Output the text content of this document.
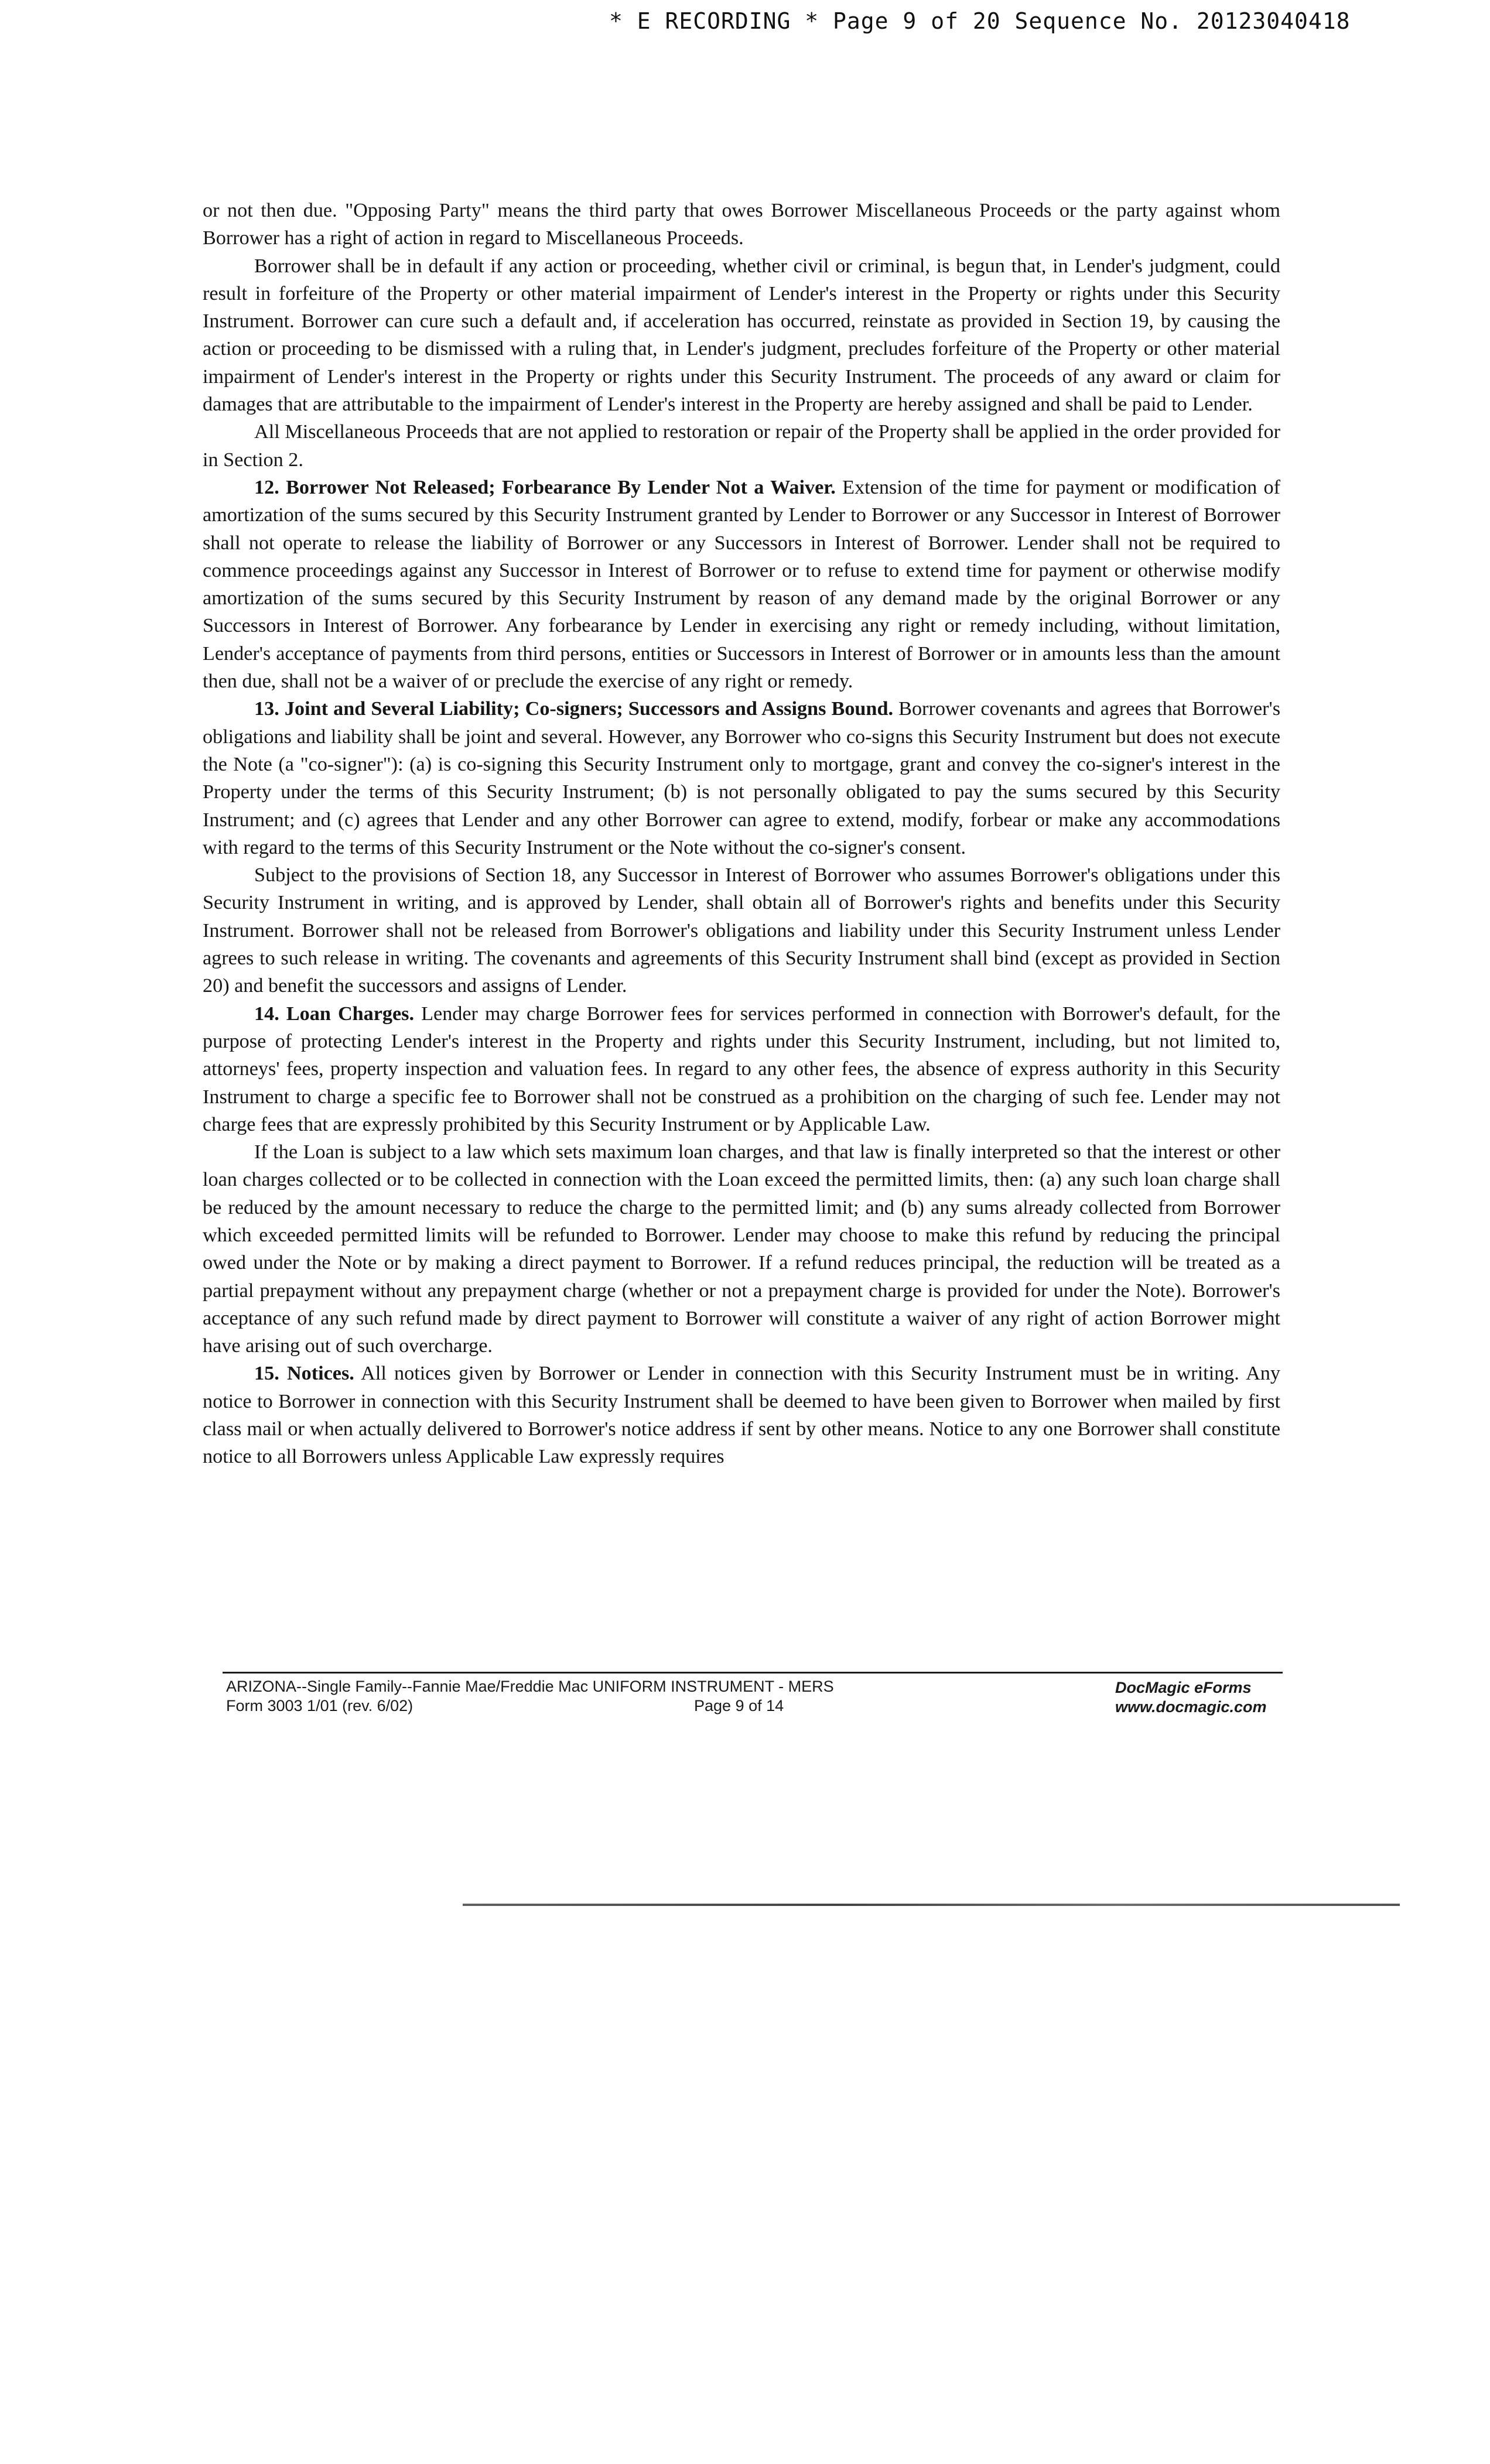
* E RECORDING * Page 9 of 20 Sequence No. 20123040418

or not then due. "Opposing Party" means the third party that owes Borrower Miscellaneous Proceeds or the party against whom Borrower has a right of action in regard to Miscellaneous Proceeds.

Borrower shall be in default if any action or proceeding, whether civil or criminal, is begun that, in Lender's judgment, could result in forfeiture of the Property or other material impairment of Lender's interest in the Property or rights under this Security Instrument. Borrower can cure such a default and, if acceleration has occurred, reinstate as provided in Section 19, by causing the action or proceeding to be dismissed with a ruling that, in Lender's judgment, precludes forfeiture of the Property or other material impairment of Lender's interest in the Property or rights under this Security Instrument. The proceeds of any award or claim for damages that are attributable to the impairment of Lender's interest in the Property are hereby assigned and shall be paid to Lender.

All Miscellaneous Proceeds that are not applied to restoration or repair of the Property shall be applied in the order provided for in Section 2.

12. Borrower Not Released; Forbearance By Lender Not a Waiver. Extension of the time for payment or modification of amortization of the sums secured by this Security Instrument granted by Lender to Borrower or any Successor in Interest of Borrower shall not operate to release the liability of Borrower or any Successors in Interest of Borrower. Lender shall not be required to commence proceedings against any Successor in Interest of Borrower or to refuse to extend time for payment or otherwise modify amortization of the sums secured by this Security Instrument by reason of any demand made by the original Borrower or any Successors in Interest of Borrower. Any forbearance by Lender in exercising any right or remedy including, without limitation, Lender's acceptance of payments from third persons, entities or Successors in Interest of Borrower or in amounts less than the amount then due, shall not be a waiver of or preclude the exercise of any right or remedy.

13. Joint and Several Liability; Co-signers; Successors and Assigns Bound. Borrower covenants and agrees that Borrower's obligations and liability shall be joint and several. However, any Borrower who co-signs this Security Instrument but does not execute the Note (a "co-signer"): (a) is co-signing this Security Instrument only to mortgage, grant and convey the co-signer's interest in the Property under the terms of this Security Instrument; (b) is not personally obligated to pay the sums secured by this Security Instrument; and (c) agrees that Lender and any other Borrower can agree to extend, modify, forbear or make any accommodations with regard to the terms of this Security Instrument or the Note without the co-signer's consent.

Subject to the provisions of Section 18, any Successor in Interest of Borrower who assumes Borrower's obligations under this Security Instrument in writing, and is approved by Lender, shall obtain all of Borrower's rights and benefits under this Security Instrument. Borrower shall not be released from Borrower's obligations and liability under this Security Instrument unless Lender agrees to such release in writing. The covenants and agreements of this Security Instrument shall bind (except as provided in Section 20) and benefit the successors and assigns of Lender.

14. Loan Charges. Lender may charge Borrower fees for services performed in connection with Borrower's default, for the purpose of protecting Lender's interest in the Property and rights under this Security Instrument, including, but not limited to, attorneys' fees, property inspection and valuation fees. In regard to any other fees, the absence of express authority in this Security Instrument to charge a specific fee to Borrower shall not be construed as a prohibition on the charging of such fee. Lender may not charge fees that are expressly prohibited by this Security Instrument or by Applicable Law.

If the Loan is subject to a law which sets maximum loan charges, and that law is finally interpreted so that the interest or other loan charges collected or to be collected in connection with the Loan exceed the permitted limits, then: (a) any such loan charge shall be reduced by the amount necessary to reduce the charge to the permitted limit; and (b) any sums already collected from Borrower which exceeded permitted limits will be refunded to Borrower. Lender may choose to make this refund by reducing the principal owed under the Note or by making a direct payment to Borrower. If a refund reduces principal, the reduction will be treated as a partial prepayment without any prepayment charge (whether or not a prepayment charge is provided for under the Note). Borrower's acceptance of any such refund made by direct payment to Borrower will constitute a waiver of any right of action Borrower might have arising out of such overcharge.

15. Notices. All notices given by Borrower or Lender in connection with this Security Instrument must be in writing. Any notice to Borrower in connection with this Security Instrument shall be deemed to have been given to Borrower when mailed by first class mail or when actually delivered to Borrower's notice address if sent by other means. Notice to any one Borrower shall constitute notice to all Borrowers unless Applicable Law expressly requires

ARIZONA--Single Family--Fannie Mae/Freddie Mac UNIFORM INSTRUMENT - MERS
Form 3003 1/01 (rev. 6/02)	Page 9 of 14
DocMagic eForms
www.docmagic.com
